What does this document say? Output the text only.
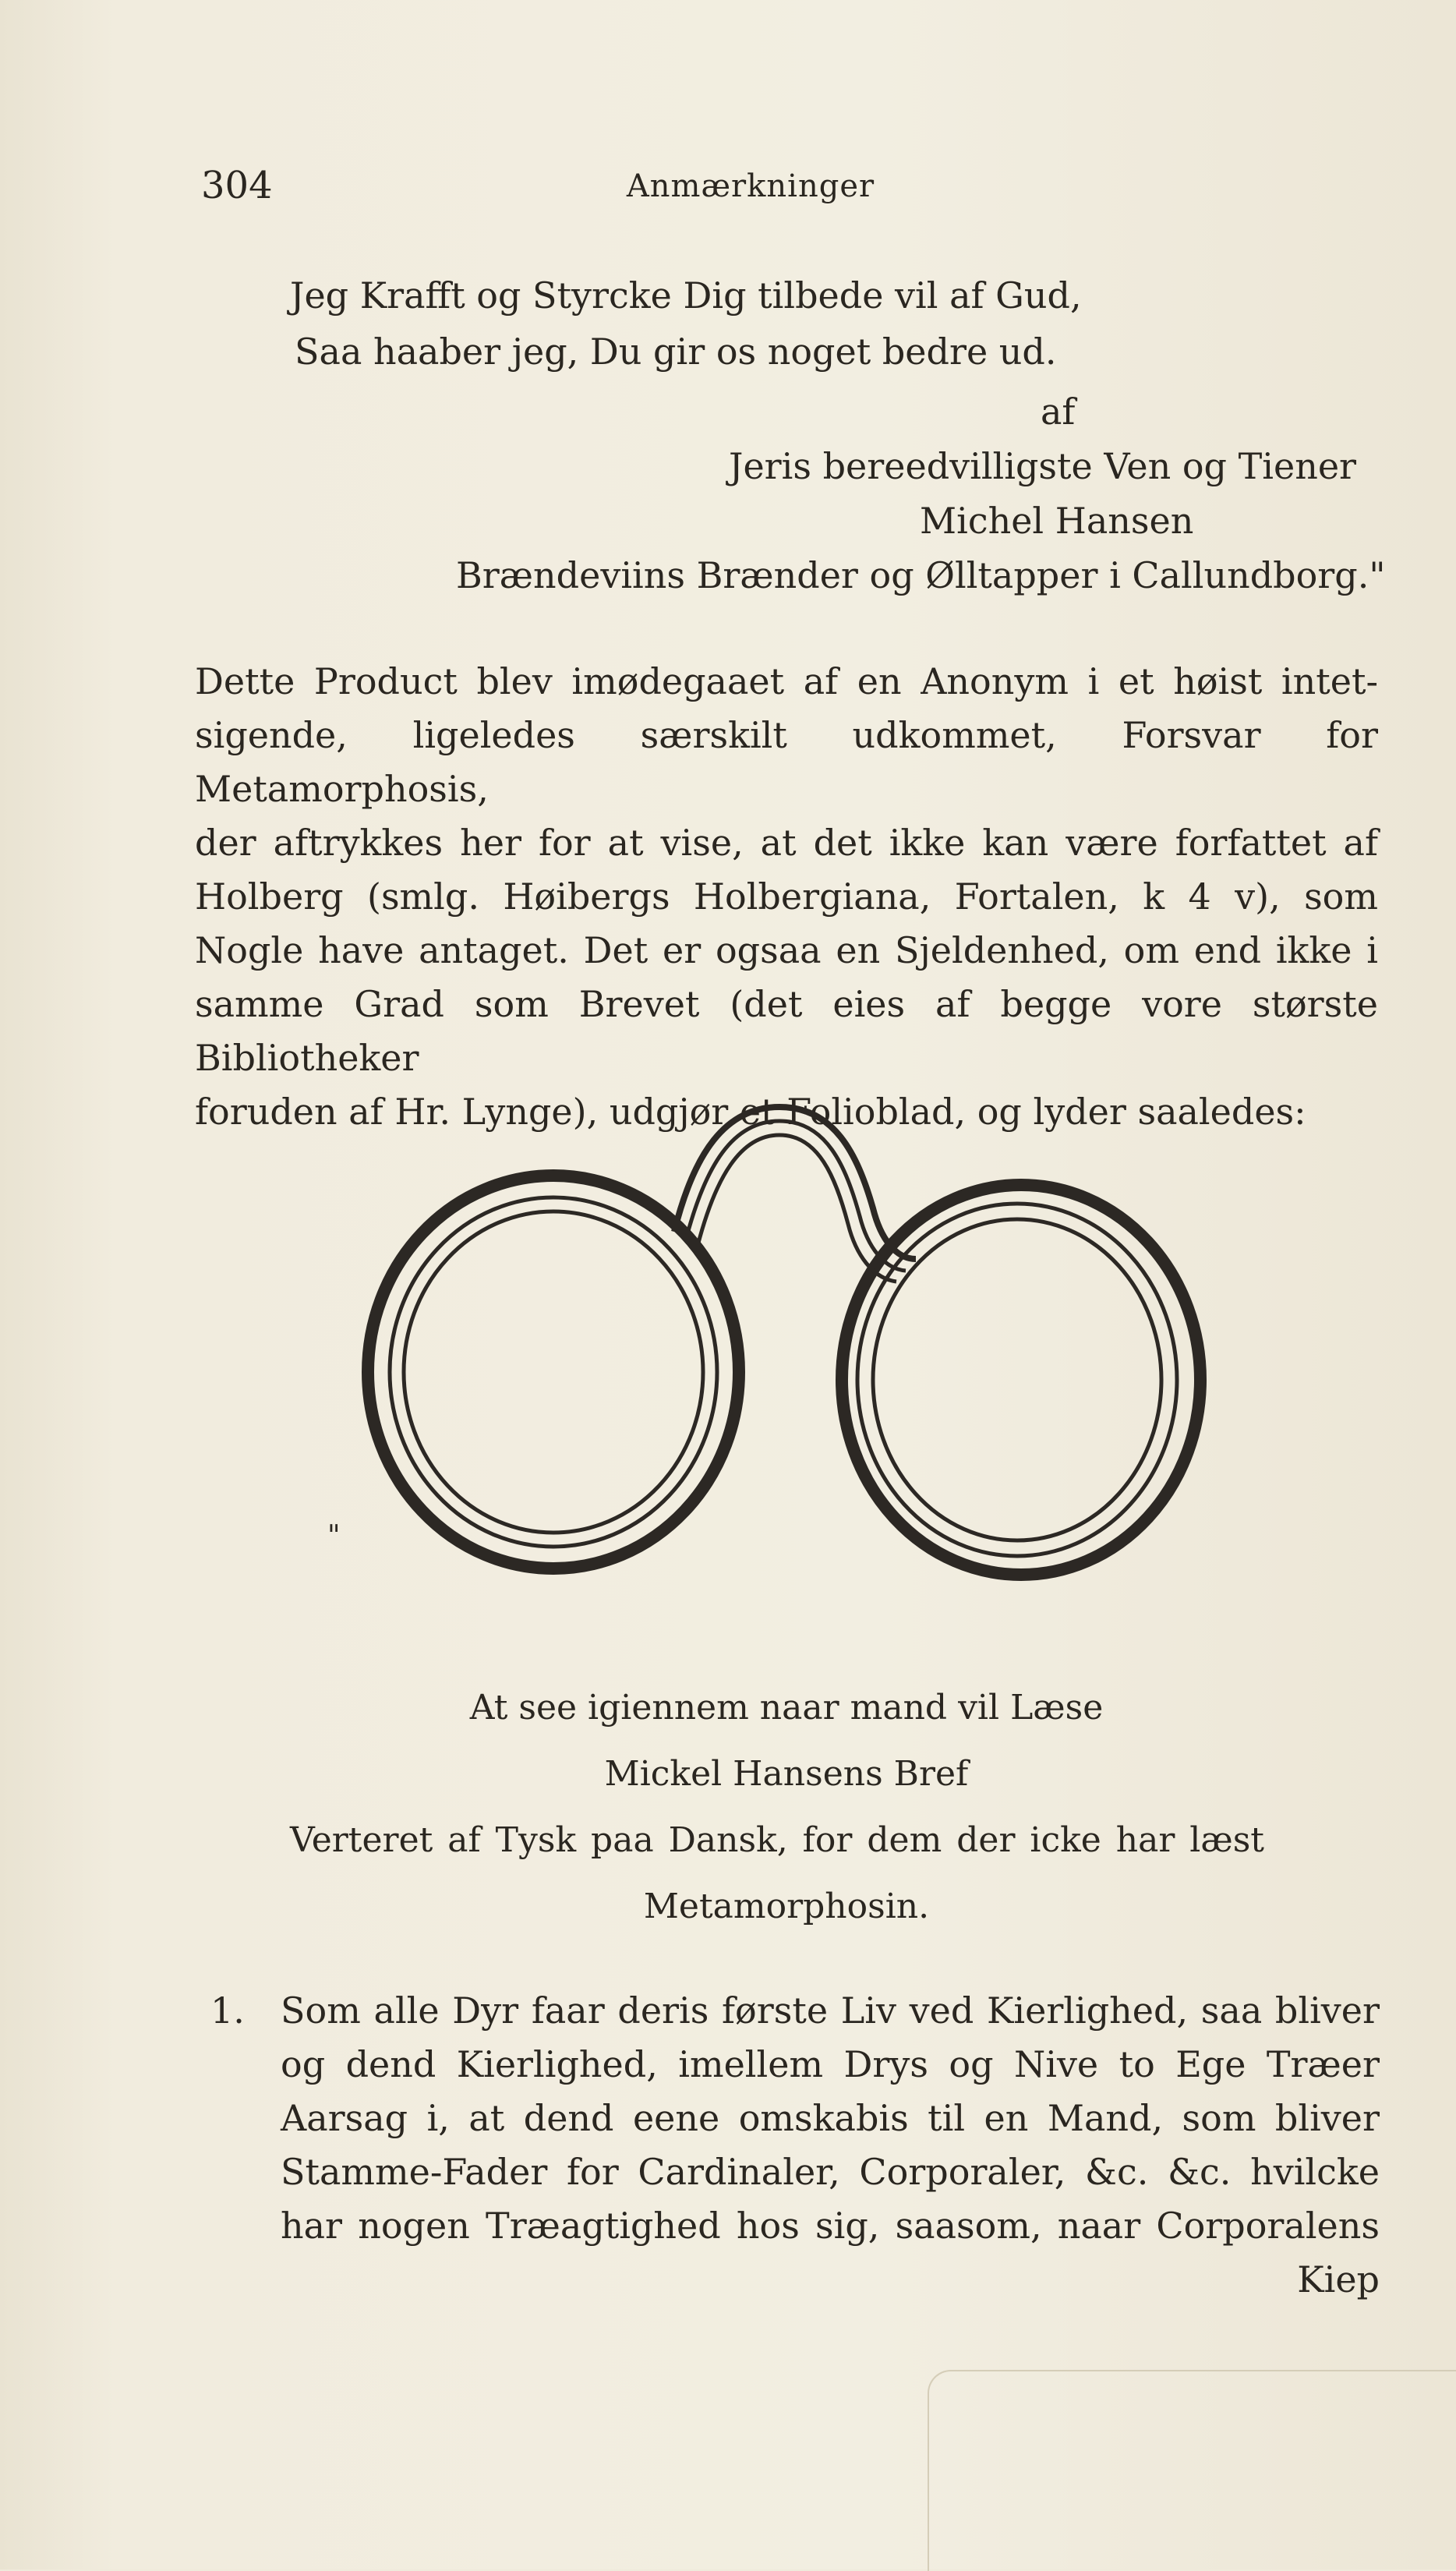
304	Anmærkninger
Jeg Krafft og Styrcke Dig tilbede vil af Gud,
Saa haaber jeg, Du gir os noget bedre ud.
af
Jeris bereedvilligste Ven og Tiener
Michel Hansen
Brændeviins Brænder og Ølltapper i Callundborg."
Dette Product blev imødegaaet af en Anonym i et høist intet-
sigende, ligeledes særskilt udkommet, Forsvar for Metamorphosis,
der aftrykkes her for at vise, at det ikke kan være forfattet af
Holberg (smlg. Høibergs Holbergiana, Fortalen, k 4 v), som
Nogle have antaget. Det er ogsaa en Sjeldenhed, om end ikke i
samme Grad som Brevet (det eies af begge vore største Bibliotheker
foruden af Hr. Lynge), udgjør et Folioblad, og lyder saaledes:
"
At see igiennem naar mand vil Læse
Mickel Hansens Bref
Verteret af Tysk paa Dansk, for dem der icke har læst
Metamorphosin.
1. Som alle Dyr faar deris første Liv ved Kierlighed, saa bliver
og dend Kierlighed, imellem Drys og Nive to Ege Træer
Aarsag i, at dend eene omskabis til en Mand, som bliver
Stamme-Fader for Cardinaler, Corporaler, &c. &c. hvilcke
har nogen Træagtighed hos sig, saasom, naar Corporalens
Kiep
